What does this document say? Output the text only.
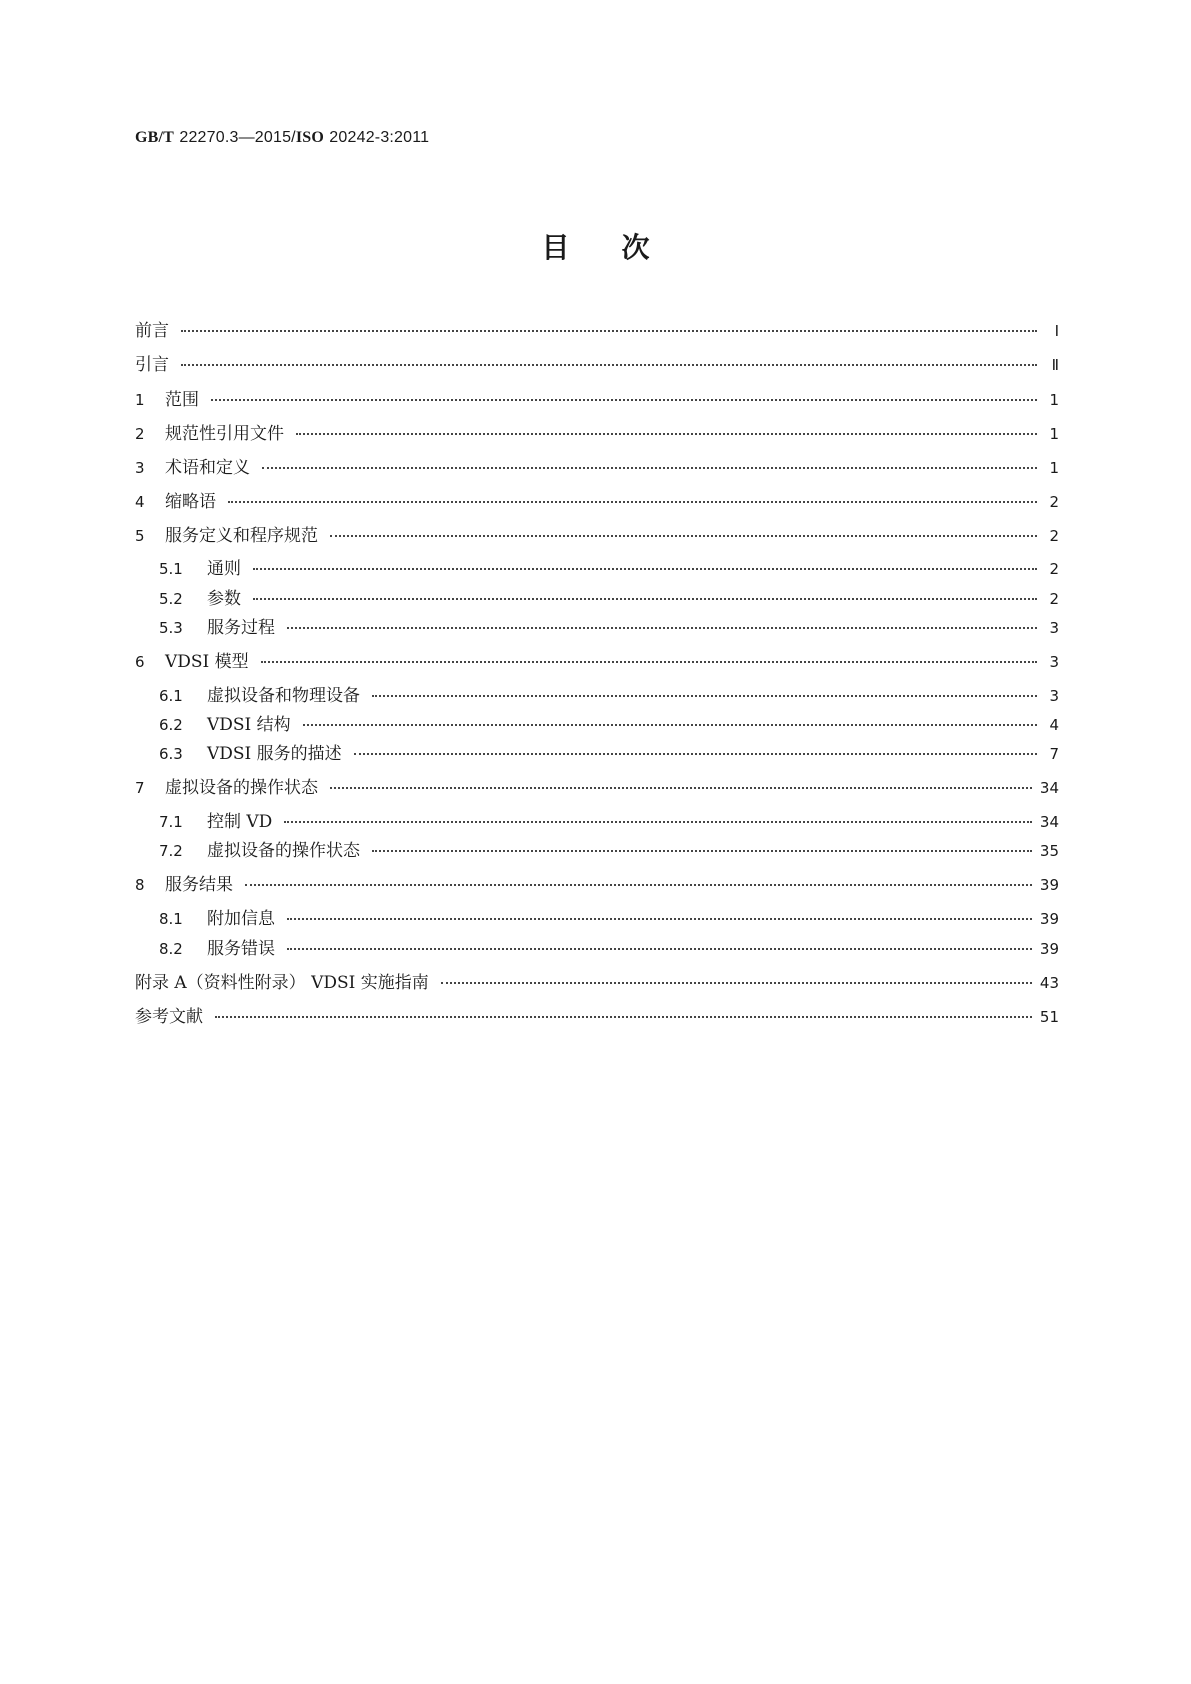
GB/T 22270.3—2015/ISO 20242-3:2011
目 次
前言	Ⅰ
引言	Ⅱ
1	范围	1
2	规范性引用文件	1
3	术语和定义	1
4	缩略语	2
5	服务定义和程序规范	2
5.1	通则	2
5.2	参数	2
5.3	服务过程	3
6	VDSI 模型	3
6.1	虚拟设备和物理设备	3
6.2	VDSI 结构	4
6.3	VDSI 服务的描述	7
7	虚拟设备的操作状态	34
7.1	控制 VD	34
7.2	虚拟设备的操作状态	35
8	服务结果	39
8.1	附加信息	39
8.2	服务错误	39
附录 A（资料性附录） VDSI 实施指南	43
参考文献	51
